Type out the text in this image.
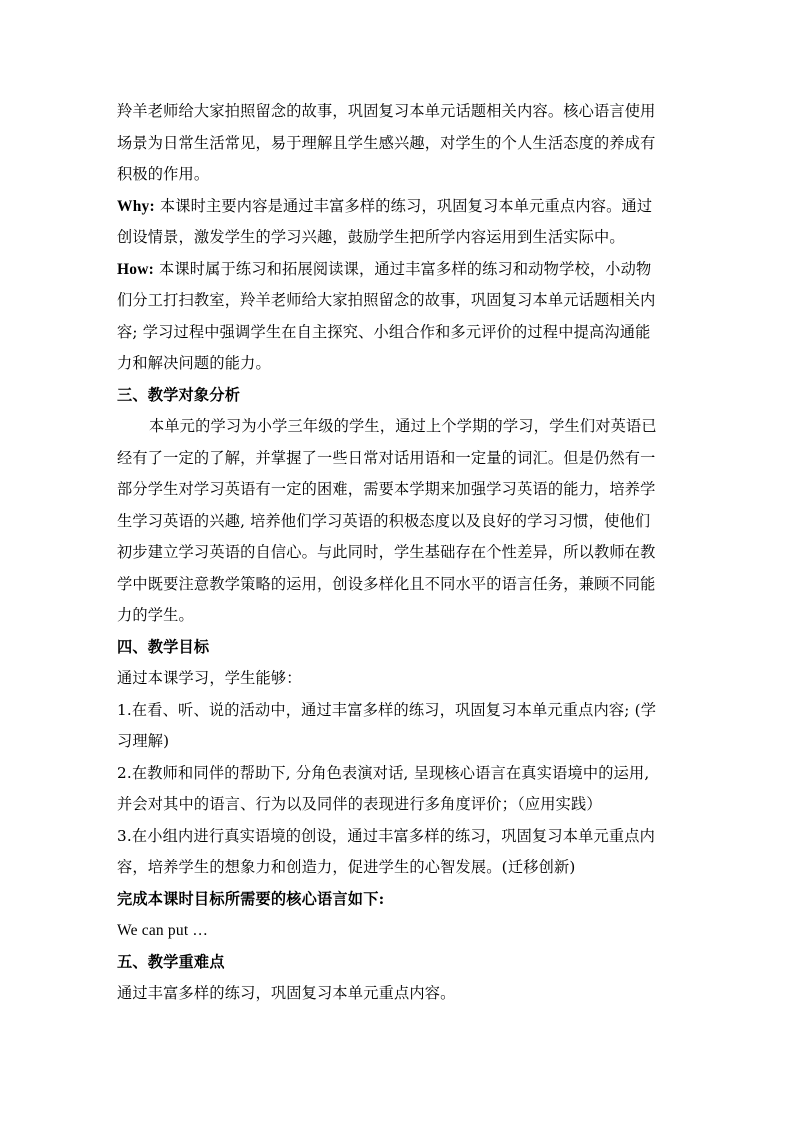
羚羊老师给大家拍照留念的故事，巩固复习本单元话题相关内容。核心语言使用
场景为日常生活常见，易于理解且学生感兴趣，对学生的个人生活态度的养成有
积极的作用。

Why: 本课时主要内容是通过丰富多样的练习，巩固复习本单元重点内容。通过
创设情景，激发学生的学习兴趣，鼓励学生把所学内容运用到生活实际中。

How: 本课时属于练习和拓展阅读课，通过丰富多样的练习和动物学校，小动物
们分工打扫教室，羚羊老师给大家拍照留念的故事，巩固复习本单元话题相关内
容; 学习过程中强调学生在自主探究、小组合作和多元评价的过程中提高沟通能
力和解决问题的能力。

三、教学对象分析

本单元的学习为小学三年级的学生，通过上个学期的学习，学生们对英语已
经有了一定的了解，并掌握了一些日常对话用语和一定量的词汇。但是仍然有一
部分学生对学习英语有一定的困难，需要本学期来加强学习英语的能力，培养学
生学习英语的兴趣, 培养他们学习英语的积极态度以及良好的学习习惯，使他们
初步建立学习英语的自信心。与此同时，学生基础存在个性差异，所以教师在教
学中既要注意教学策略的运用，创设多样化且不同水平的语言任务，兼顾不同能
力的学生。

四、教学目标

通过本课学习，学生能够：

1.在看、听、说的活动中，通过丰富多样的练习，巩固复习本单元重点内容; (学
习理解)

2.在教师和同伴的帮助下, 分角色表演对话, 呈现核心语言在真实语境中的运用,
并会对其中的语言、行为以及同伴的表现进行多角度评价；（应用实践）

3.在小组内进行真实语境的创设，通过丰富多样的练习，巩固复习本单元重点内
容，培养学生的想象力和创造力，促进学生的心智发展。(迁移创新)

完成本课时目标所需要的核心语言如下:

We can put …

五、教学重难点

通过丰富多样的练习，巩固复习本单元重点内容。
